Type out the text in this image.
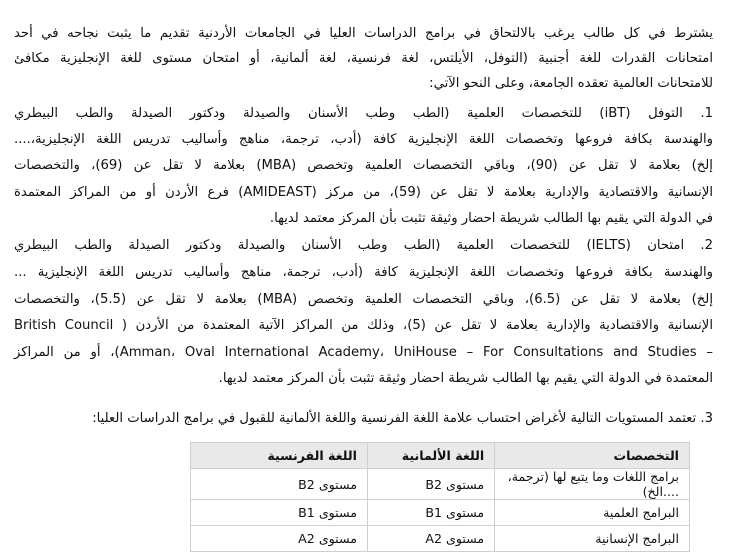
يشترط في كل طالب يرغب بالالتحاق في برامج الدراسات العليا في الجامعات الأردنية تقديم ما يثبت نجاحه في أحد
امتحانات القدرات للغة أجنبية (التوفل، الأيلتس، لغة فرنسية، لغة ألمانية، أو امتحان مستوى للغة الإنجليزية مكافئ
للامتحانات العالمية تعقده الجامعة، وعلى النحو الآتي:
1. التوفل (iBT) للتخصصات العلمية (الطب وطب الأسنان والصيدلة ودكتور الصيدلة والطب البيطري
والهندسة بكافة فروعها وتخصصات اللغة الإنجليزية كافة (أدب، ترجمة، مناهج وأساليب تدريس اللغة الإنجليزية،....
إلخ) بعلامة لا تقل عن (90)، وباقي التخصصات العلمية وتخصص (MBA) بعلامة لا تقل عن (69)، والتخصصات
الإنسانية والاقتصادية والإدارية بعلامة لا تقل عن (59)، من مركز (AMIDEAST) فرع الأردن أو من المراكز المعتمدة
في الدولة التي يقيم بها الطالب شريطة احضار وثيقة تثبت بأن المركز معتمد لديها.
2. امتحان (IELTS) للتخصصات العلمية (الطب وطب الأسنان والصيدلة ودكتور الصيدلة والطب البيطري
والهندسة بكافة فروعها وتخصصات اللغة الإنجليزية كافة (أدب، ترجمة، مناهج وأساليب تدريس اللغة الإنجليزية ...
إلخ) بعلامة لا تقل عن (6.5)، وباقي التخصصات العلمية وتخصص (MBA) بعلامة لا تقل عن (5.5)، والتخصصات
الإنسانية والاقتصادية والإدارية بعلامة لا تقل عن (5)، وذلك من المراكز الآتية المعتمدة من الأردن ( British Council
– Amman، Oval International Academy، UniHouse – For Consultations and Studies)، أو من المراكز
المعتمدة في الدولة التي يقيم بها الطالب شريطة احضار وثيقة تثبت بأن المركز معتمد لديها.
3. تعتمد المستويات التالية لأغراض احتساب علامة اللغة الفرنسية واللغة الألمانية للقبول في برامج الدراسات العليا:
التخصصات	اللغة الألمانية	اللغة الفرنسية
برامج اللغات وما يتبع لها (ترجمة، ....الخ)	مستوى B2	مستوى B2
البرامج العلمية	مستوى B1	مستوى B1
البرامج الإنسانية	مستوى A2	مستوى A2
